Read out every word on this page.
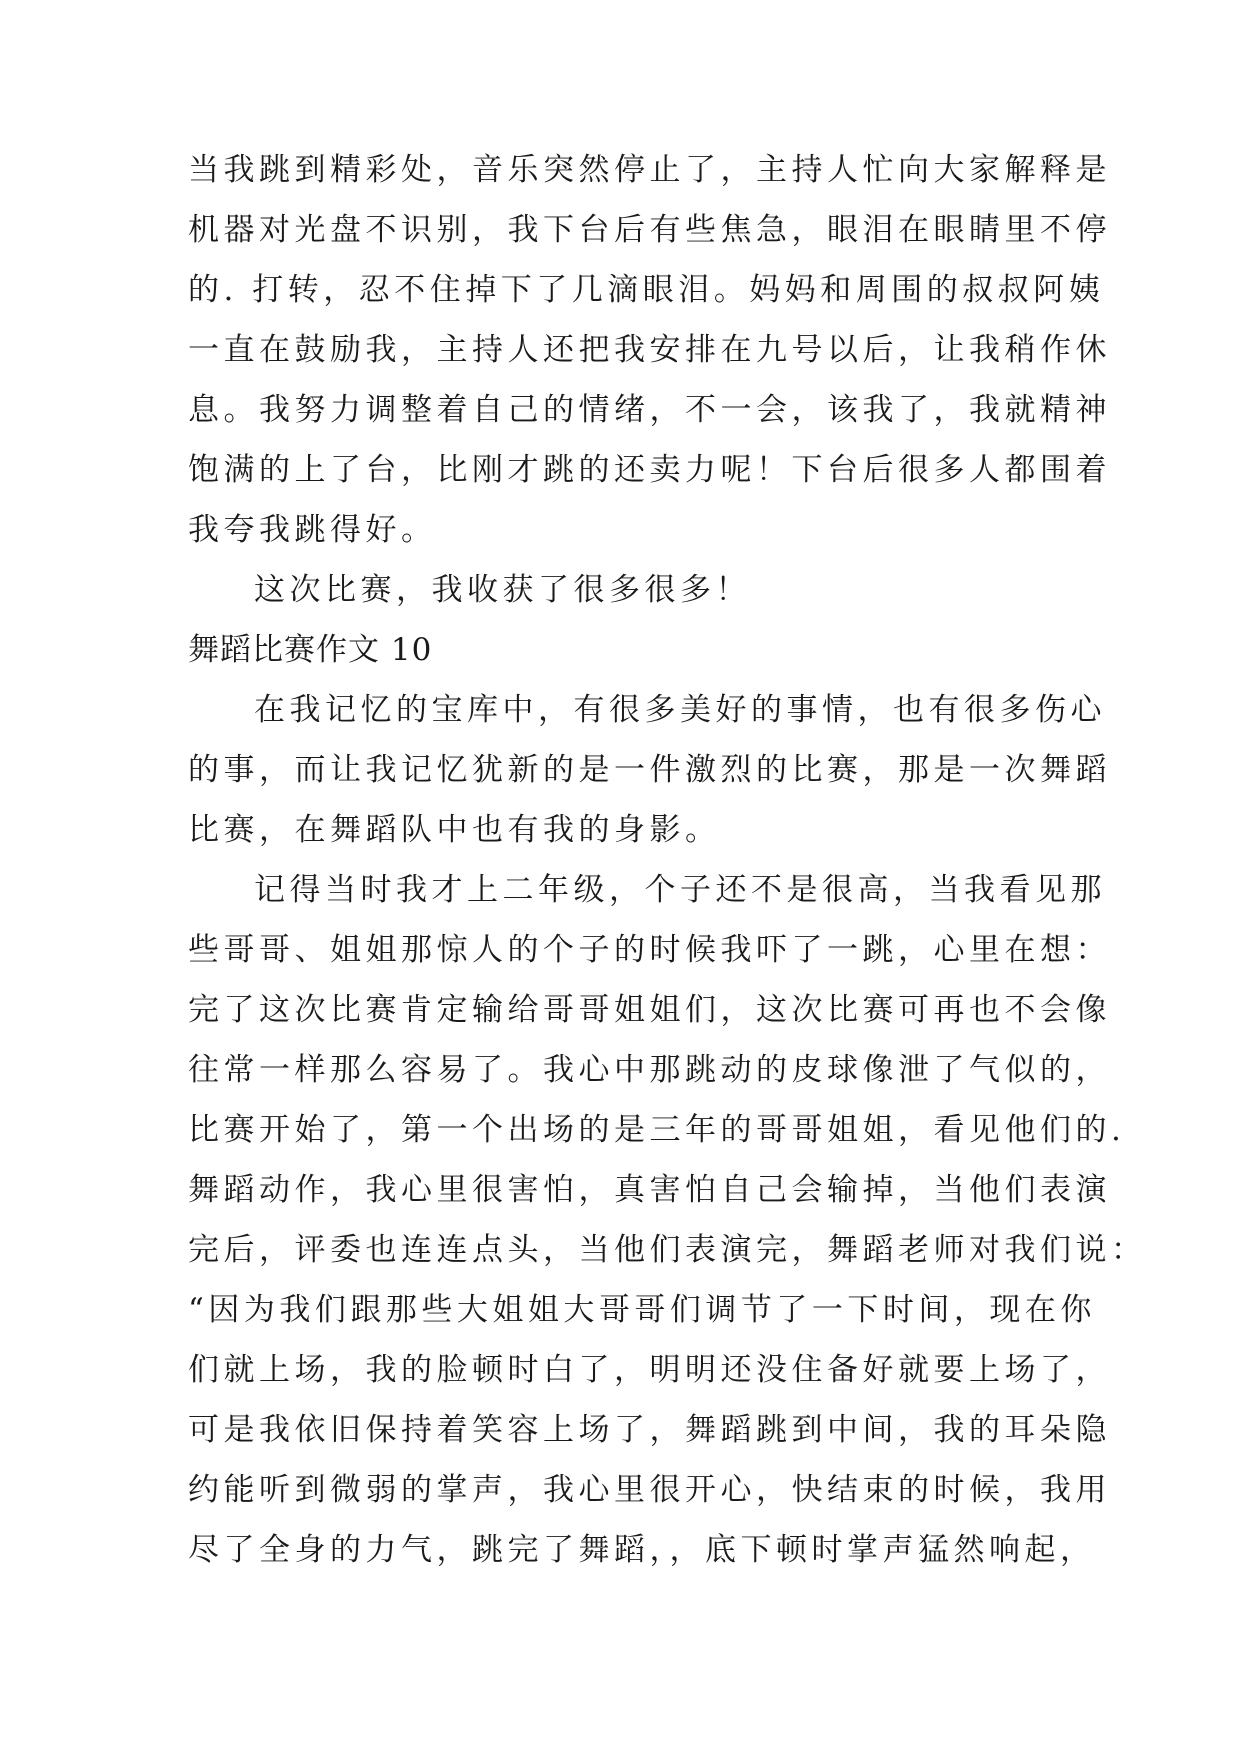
当我跳到精彩处，音乐突然停止了，主持人忙向大家解释是
机器对光盘不识别，我下台后有些焦急，眼泪在眼睛里不停
的. 打转，忍不住掉下了几滴眼泪。妈妈和周围的叔叔阿姨
一直在鼓励我，主持人还把我安排在九号以后，让我稍作休
息。我努力调整着自己的情绪，不一会，该我了，我就精神
饱满的上了台，比刚才跳的还卖力呢！下台后很多人都围着
我夸我跳得好。
这次比赛，我收获了很多很多！
舞蹈比赛作文 10
在我记忆的宝库中，有很多美好的事情，也有很多伤心
的事，而让我记忆犹新的是一件激烈的比赛，那是一次舞蹈
比赛，在舞蹈队中也有我的身影。
记得当时我才上二年级，个子还不是很高，当我看见那
些哥哥、姐姐那惊人的个子的时候我吓了一跳，心里在想：
完了这次比赛肯定输给哥哥姐姐们，这次比赛可再也不会像
往常一样那么容易了。我心中那跳动的皮球像泄了气似的，
比赛开始了，第一个出场的是三年的哥哥姐姐，看见他们的.
舞蹈动作，我心里很害怕，真害怕自己会输掉，当他们表演
完后，评委也连连点头，当他们表演完，舞蹈老师对我们说：
“因为我们跟那些大姐姐大哥哥们调节了一下时间，现在你
们就上场，我的脸顿时白了，明明还没住备好就要上场了，
可是我依旧保持着笑容上场了，舞蹈跳到中间，我的耳朵隐
约能听到微弱的掌声，我心里很开心，快结束的时候，我用
尽了全身的力气，跳完了舞蹈，，底下顿时掌声猛然响起，
